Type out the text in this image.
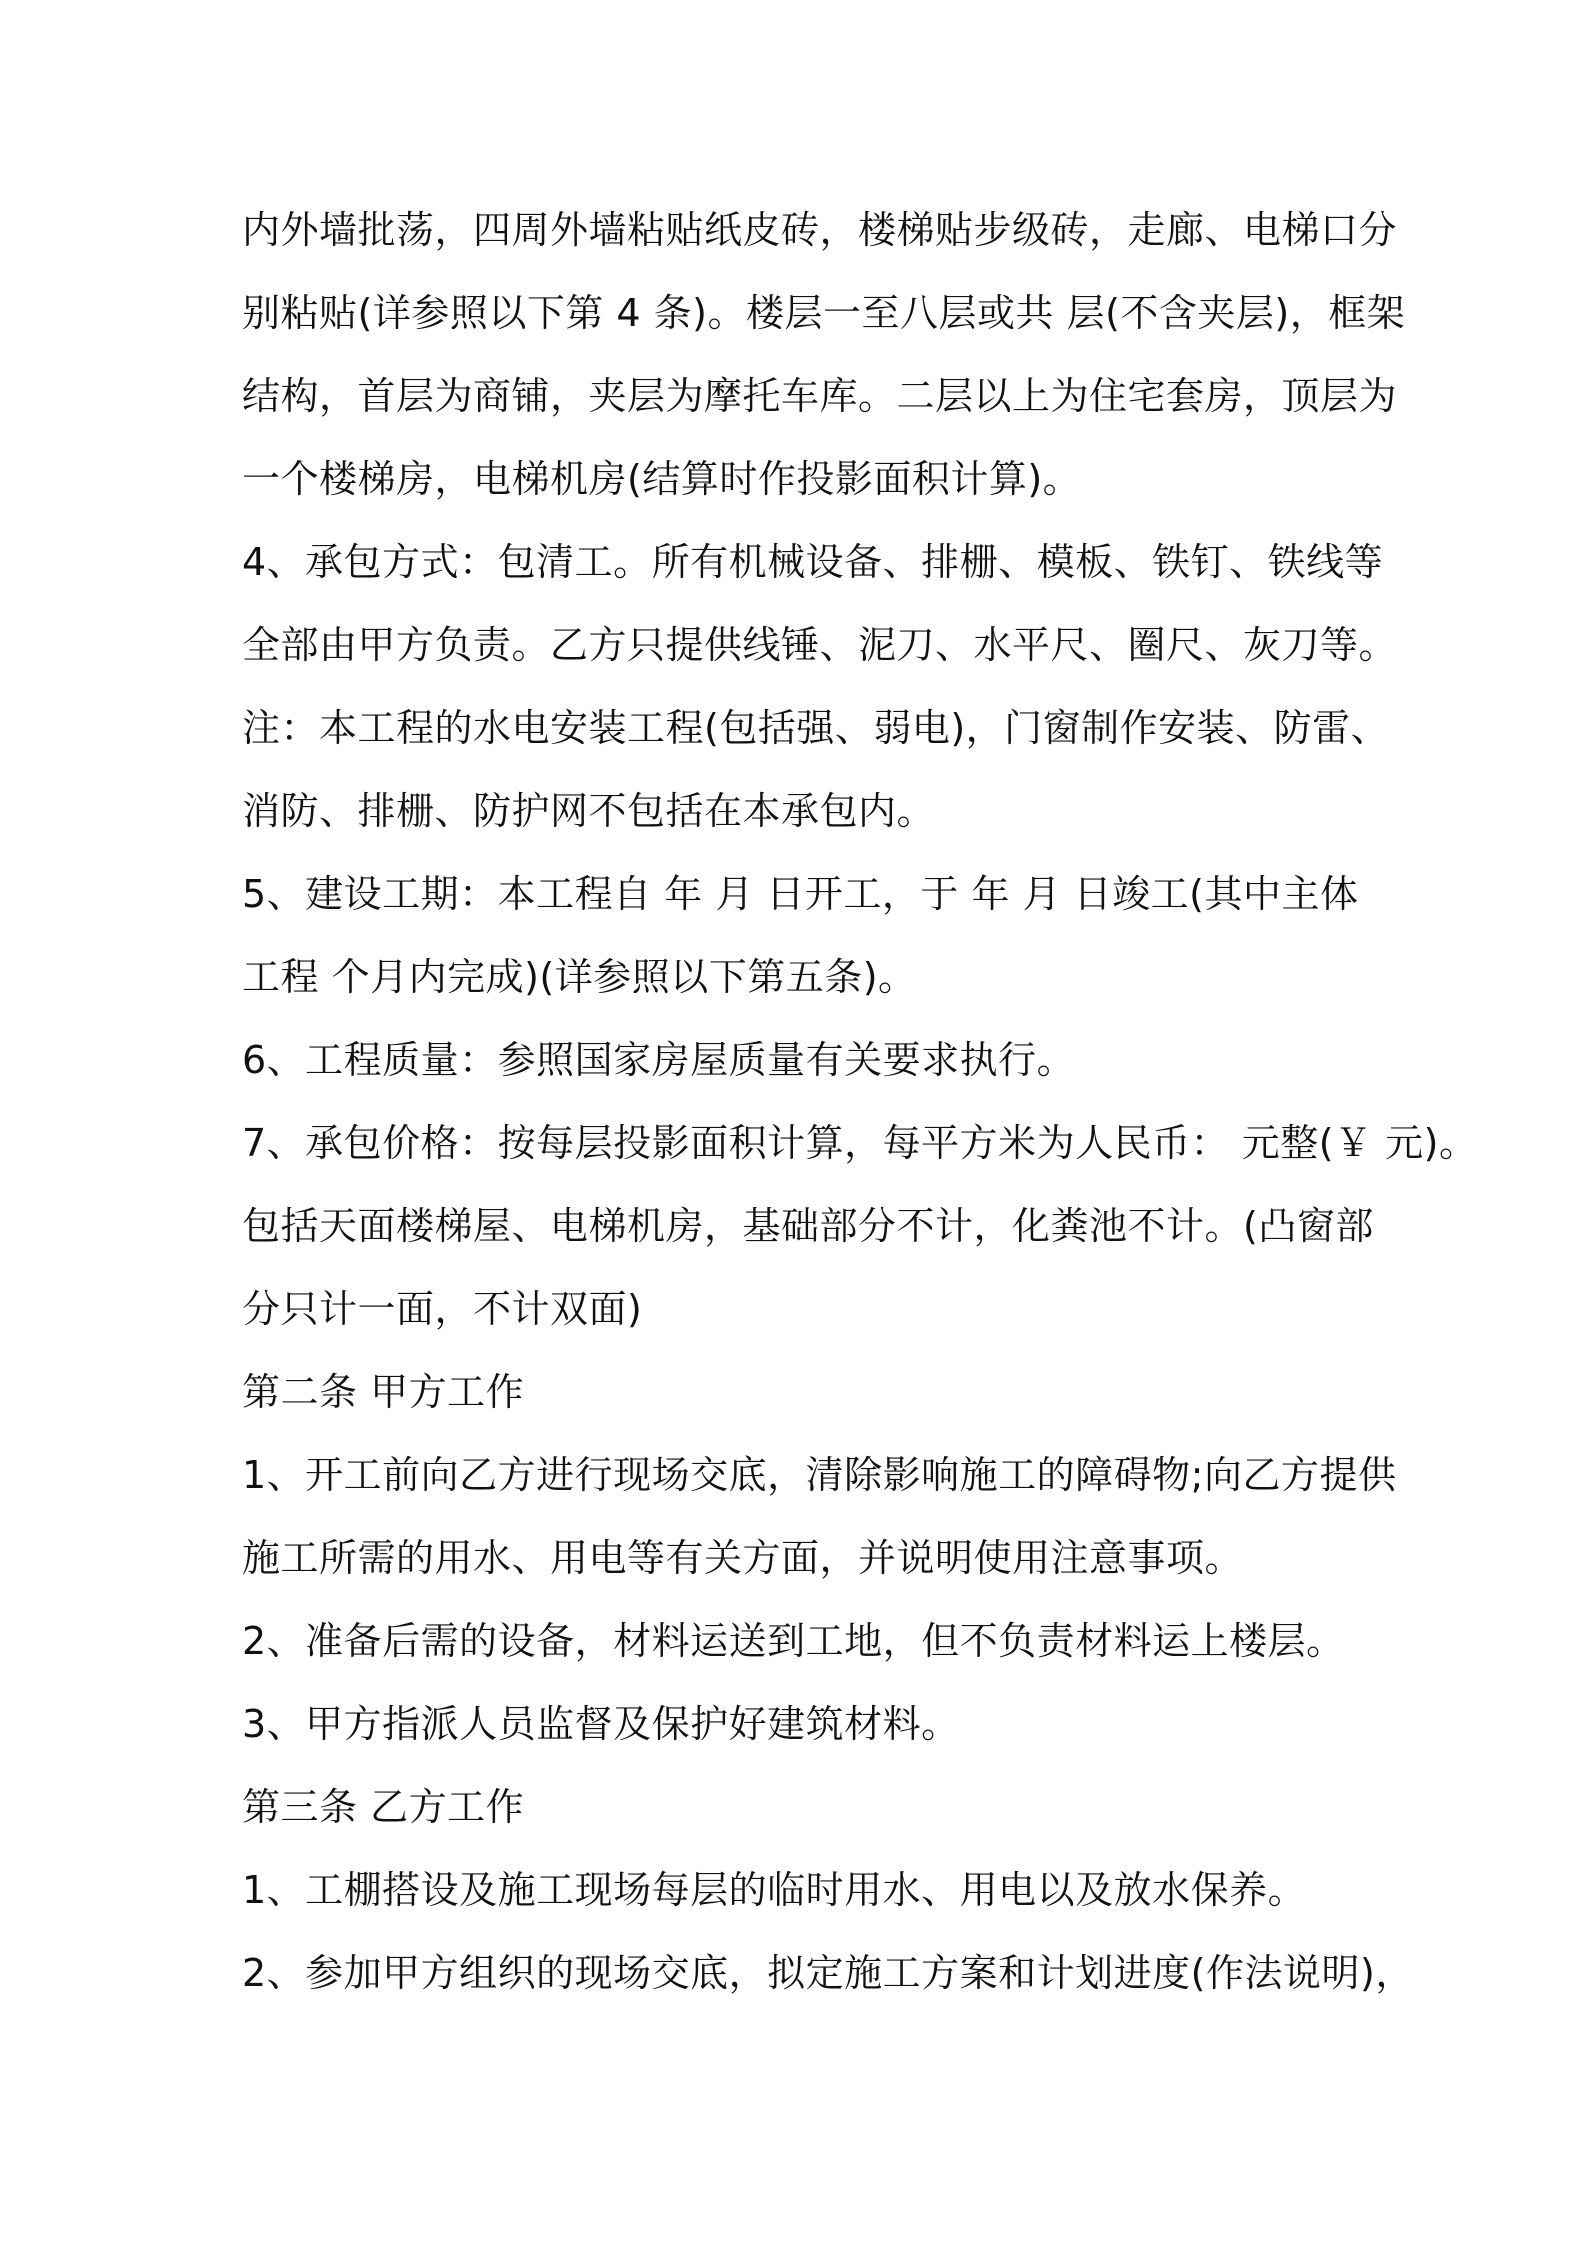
内外墙批荡，四周外墙粘贴纸皮砖，楼梯贴步级砖，走廊、电梯口分

别粘贴(详参照以下第 4 条)。楼层一至八层或共 层(不含夹层)，框架

结构，首层为商铺，夹层为摩托车库。二层以上为住宅套房，顶层为

一个楼梯房，电梯机房(结算时作投影面积计算)。

4、承包方式：包清工。所有机械设备、排栅、模板、铁钉、铁线等

全部由甲方负责。乙方只提供线锤、泥刀、水平尺、圈尺、灰刀等。

注：本工程的水电安装工程(包括强、弱电)，门窗制作安装、防雷、

消防、排栅、防护网不包括在本承包内。

5、建设工期：本工程自 年 月 日开工，于 年 月 日竣工(其中主体

工程 个月内完成)(详参照以下第五条)。

6、工程质量：参照国家房屋质量有关要求执行。

7、承包价格：按每层投影面积计算，每平方米为人民币： 元整(￥ 元)。

包括天面楼梯屋、电梯机房，基础部分不计，化粪池不计。(凸窗部

分只计一面，不计双面)

第二条 甲方工作

1、开工前向乙方进行现场交底，清除影响施工的障碍物;向乙方提供

施工所需的用水、用电等有关方面，并说明使用注意事项。

2、准备后需的设备，材料运送到工地，但不负责材料运上楼层。

3、甲方指派人员监督及保护好建筑材料。

第三条 乙方工作

1、工棚搭设及施工现场每层的临时用水、用电以及放水保养。

2、参加甲方组织的现场交底，拟定施工方案和计划进度(作法说明)，
